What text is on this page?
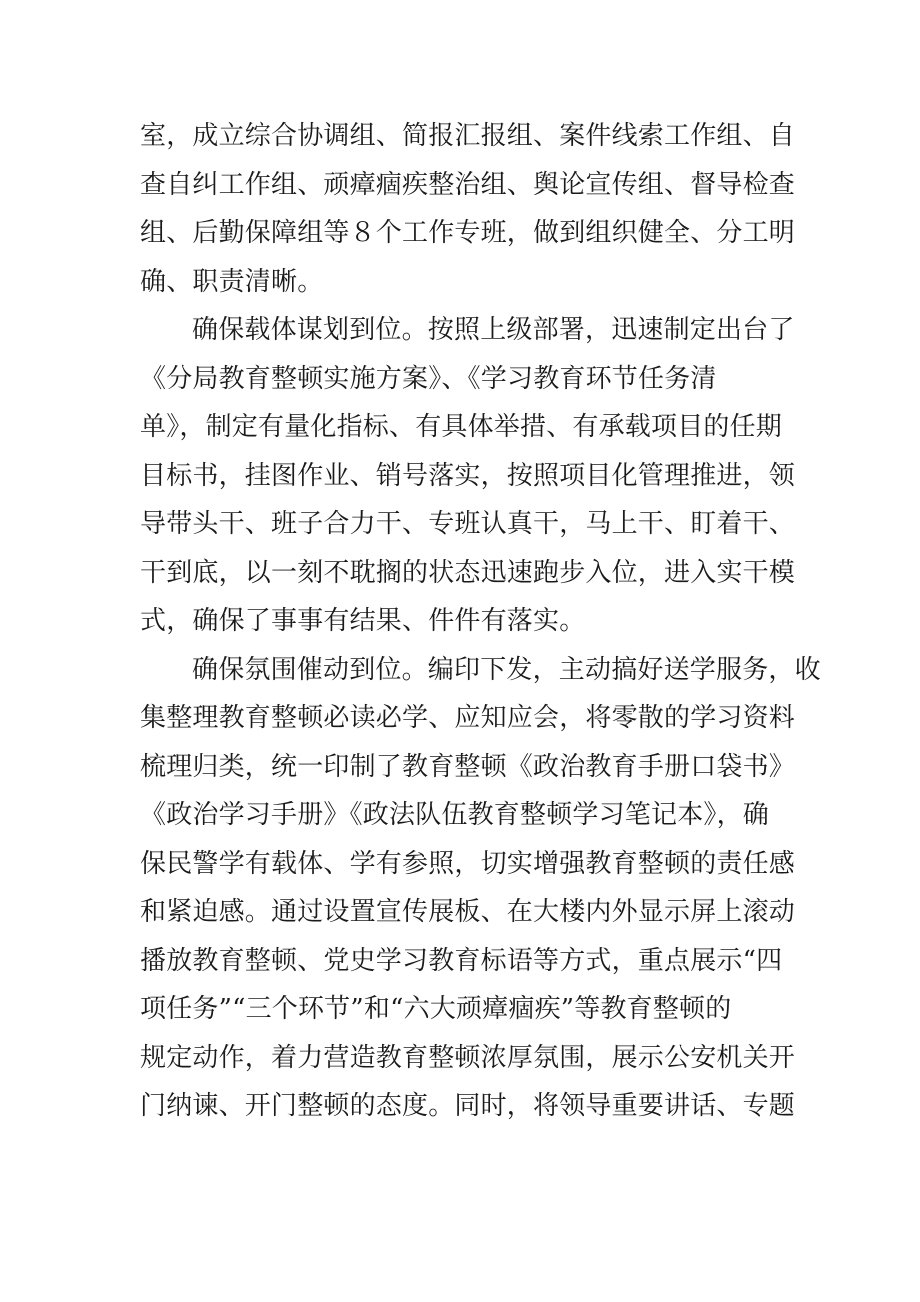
室，成立综合协调组、简报汇报组、案件线索工作组、自
查自纠工作组、顽瘴痼疾整治组、舆论宣传组、督导检查
组、后勤保障组等８个工作专班，做到组织健全、分工明
确、职责清晰。
确保载体谋划到位。按照上级部署，迅速制定出台了
《分局教育整顿实施方案》、《学习教育环节任务清
单》，制定有量化指标、有具体举措、有承载项目的任期
目标书，挂图作业、销号落实，按照项目化管理推进，领
导带头干、班子合力干、专班认真干，马上干、盯着干、
干到底，以一刻不耽搁的状态迅速跑步入位，进入实干模
式，确保了事事有结果、件件有落实。
确保氛围催动到位。编印下发，主动搞好送学服务，收
集整理教育整顿必读必学、应知应会，将零散的学习资料
梳理归类，统一印制了教育整顿《政治教育手册口袋书》
《政治学习手册》《政法队伍教育整顿学习笔记本》，确
保民警学有载体、学有参照，切实增强教育整顿的责任感
和紧迫感。通过设置宣传展板、在大楼内外显示屏上滚动
播放教育整顿、党史学习教育标语等方式，重点展示“四
项任务”“三个环节”和“六大顽瘴痼疾”等教育整顿的
规定动作，着力营造教育整顿浓厚氛围，展示公安机关开
门纳谏、开门整顿的态度。同时，将领导重要讲话、专题
